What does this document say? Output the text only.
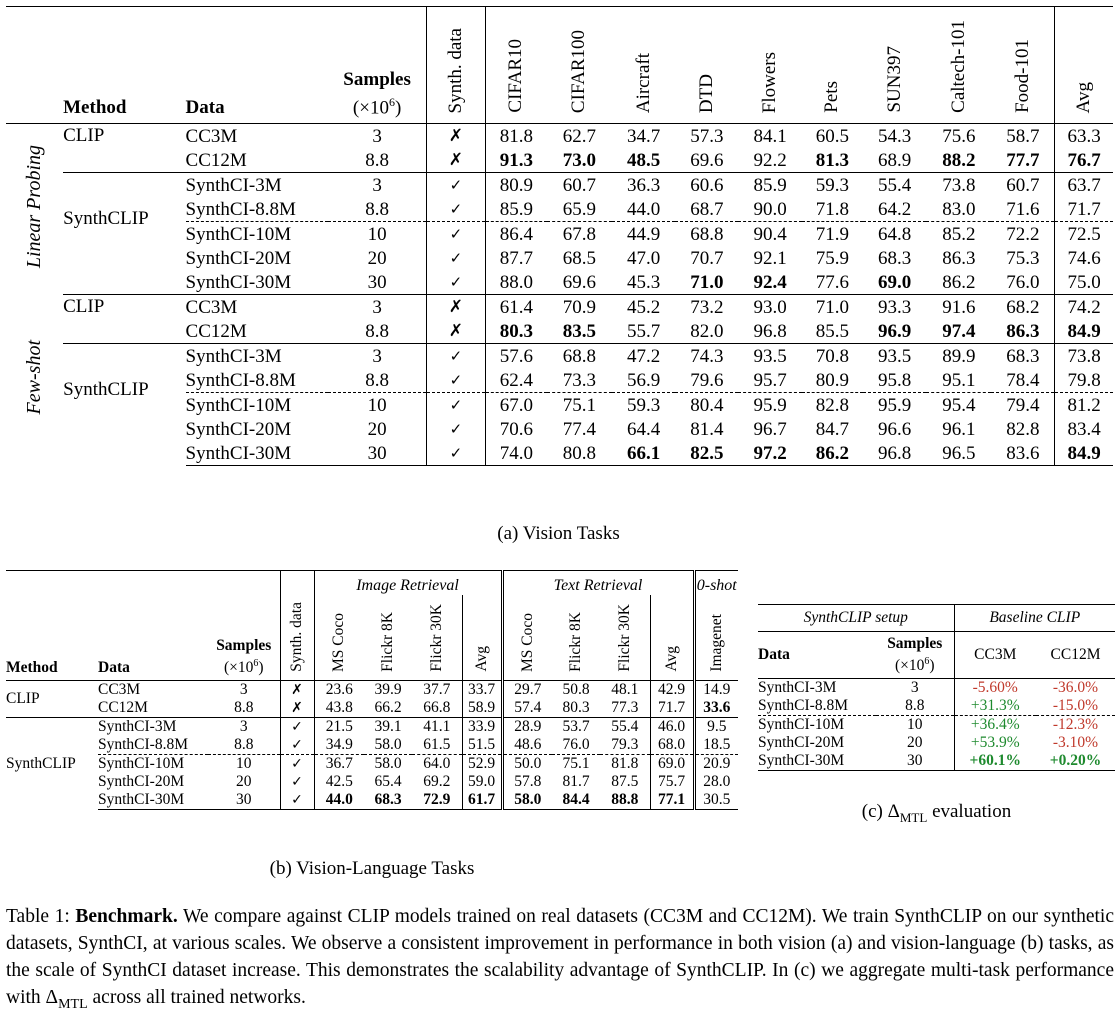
	Method	Data	Samples
$(\times 10^6)$	Synth. data	CIFAR10	CIFAR100	Aircraft	DTD	Flowers	Pets	SUN397	Caltech-101	Food-101	Avg
Linear Probing	CLIP	CC3M	3	✗	81.8	62.7	34.7	57.3	84.1	60.5	54.3	75.6	58.7	63.3
		CC12M	8.8	✗	91.3	73.0	48.5	69.6	92.2	81.3	68.9	88.2	77.7	76.7
	SynthCLIP	SynthCI-3M	3	✓	80.9	60.7	36.3	60.6	85.9	59.3	55.4	73.8	60.7	63.7
		SynthCI-8.8M	8.8	✓	85.9	65.9	44.0	68.7	90.0	71.8	64.2	83.0	71.6	71.7
		SynthCI-10M	10	✓	86.4	67.8	44.9	68.8	90.4	71.9	64.8	85.2	72.2	72.5
		SynthCI-20M	20	✓	87.7	68.5	47.0	70.7	92.1	75.9	68.3	86.3	75.3	74.6
		SynthCI-30M	30	✓	88.0	69.6	45.3	71.0	92.4	77.6	69.0	86.2	76.0	75.0
Few-shot	CLIP	CC3M	3	✗	61.4	70.9	45.2	73.2	93.0	71.0	93.3	91.6	68.2	74.2
		CC12M	8.8	✗	80.3	83.5	55.7	82.0	96.8	85.5	96.9	97.4	86.3	84.9
	SynthCLIP	SynthCI-3M	3	✓	57.6	68.8	47.2	74.3	93.5	70.8	93.5	89.9	68.3	73.8
		SynthCI-8.8M	8.8	✓	62.4	73.3	56.9	79.6	95.7	80.9	95.8	95.1	78.4	79.8
		SynthCI-10M	10	✓	67.0	75.1	59.3	80.4	95.9	82.8	95.9	95.4	79.4	81.2
		SynthCI-20M	20	✓	70.6	77.4	64.4	81.4	96.7	84.7	96.6	96.1	82.8	83.4
		SynthCI-30M	30	✓	74.0	80.8	66.1	82.5	97.2	86.2	96.8	96.5	83.6	84.9
(a) Vision Tasks
				Image Retrieval				Text Retrieval				0-shot
Method	Data	Samples
$(\times 10^6)$	Synth. data	MS Coco	Flickr 8K	Flickr 30K	Avg	MS Coco	Flickr 8K	Flickr 30K	Avg	Imagenet
CLIP	CC3M	3	✗	23.6	39.9	37.7	33.7	29.7	50.8	48.1	42.9	14.9
	CC12M	8.8	✗	43.8	66.2	66.8	58.9	57.4	80.3	77.3	71.7	33.6
SynthCLIP	SynthCI-3M	3	✓	21.5	39.1	41.1	33.9	28.9	53.7	55.4	46.0	9.5
	SynthCI-8.8M	8.8	✓	34.9	58.0	61.5	51.5	48.6	76.0	79.3	68.0	18.5
	SynthCI-10M	10	✓	36.7	58.0	64.0	52.9	50.0	75.1	81.8	69.0	20.9
	SynthCI-20M	20	✓	42.5	65.4	69.2	59.0	57.8	81.7	87.5	75.7	28.0
	SynthCI-30M	30	✓	44.0	68.3	72.9	61.7	58.0	84.4	88.8	77.1	30.5
(b) Vision-Language Tasks
SynthCLIP setup		Baseline CLIP	
Data	Samples
$(\times 10^6)$	CC3M	CC12M
SynthCI-3M	3	-5.60%	-36.0%
SynthCI-8.8M	8.8	+31.3%	-15.0%
SynthCI-10M	10	+36.4%	-12.3%
SynthCI-20M	20	+53.9%	-3.10%
SynthCI-30M	30	+60.1%	+0.20%
(c) $\Delta_{MTL}$ evaluation
Table 1: Benchmark. We compare against CLIP models trained on real datasets (CC3M and CC12M). We train SynthCLIP on our synthetic datasets, SynthCI, at various scales. We observe a consistent improvement in performance in both vision (a) and vision-language (b) tasks, as the scale of SynthCI dataset increase. This demonstrates the scalability advantage of SynthCLIP. In (c) we aggregate multi-task performance with $\Delta_{MTL}$ across all trained networks.
